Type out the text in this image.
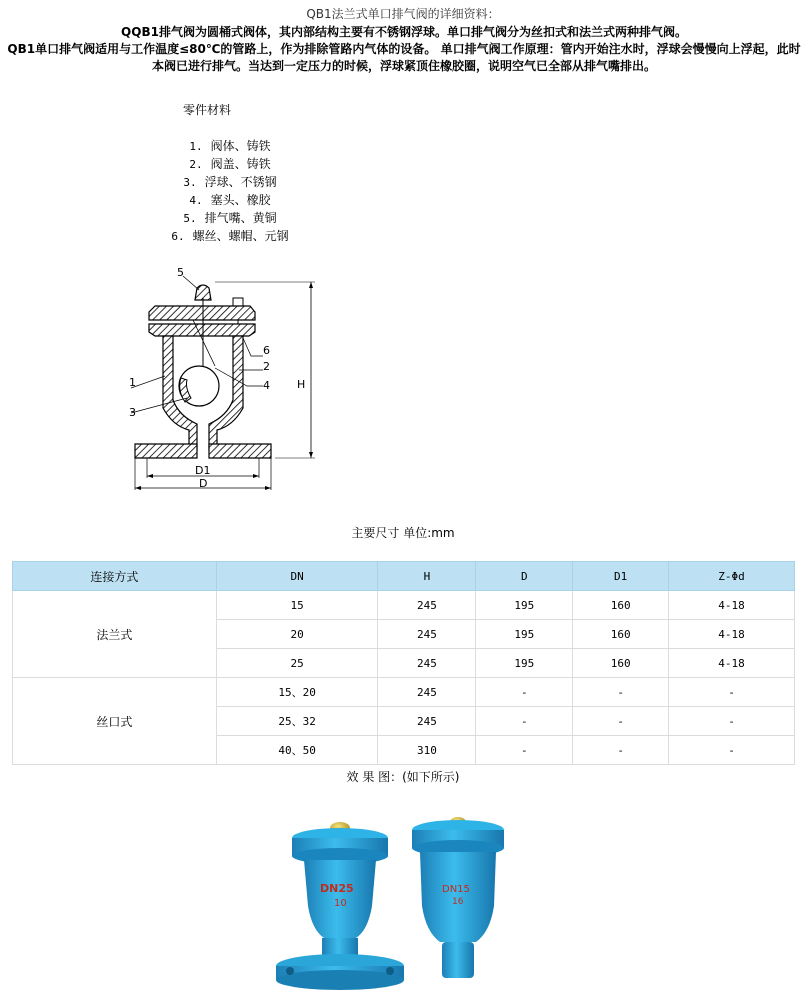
QB1法兰式单口排气阀的详细资料：
QQB1排气阀为圆桶式阀体，其内部结构主要有不锈钢浮球。单口排气阀分为丝扣式和法兰式两种排气阀。
QB1单口排气阀适用与工作温度≤80℃的管路上，作为排除管路内气体的设备。 单口排气阀工作原理：管内开始注水时，浮球会慢慢向上浮起，此时
本阀已进行排气。当达到一定压力的时候，浮球紧顶住橡胶圈，说明空气已全部从排气嘴排出。
零件材料
1. 阀体、铸铁
2. 阀盖、铸铁
3. 浮球、不锈钢
4. 塞头、橡胶
5. 排气嘴、黄铜
6. 螺丝、螺帽、元钢
5
6
2
4
1
3
H
D1
D
主要尺寸 单位:mm
连接方式	DN	H	D	D1	Z-Φd
法兰式	15	245	195	160	4-18
	20	245	195	160	4-18
	25	245	195	160	4-18
丝口式	15、20	245	-	-	-
	25、32	245	-	-	-
	40、50	310	-	-	-
效 果 图：(如下所示)
DN25
10
DN15
16
